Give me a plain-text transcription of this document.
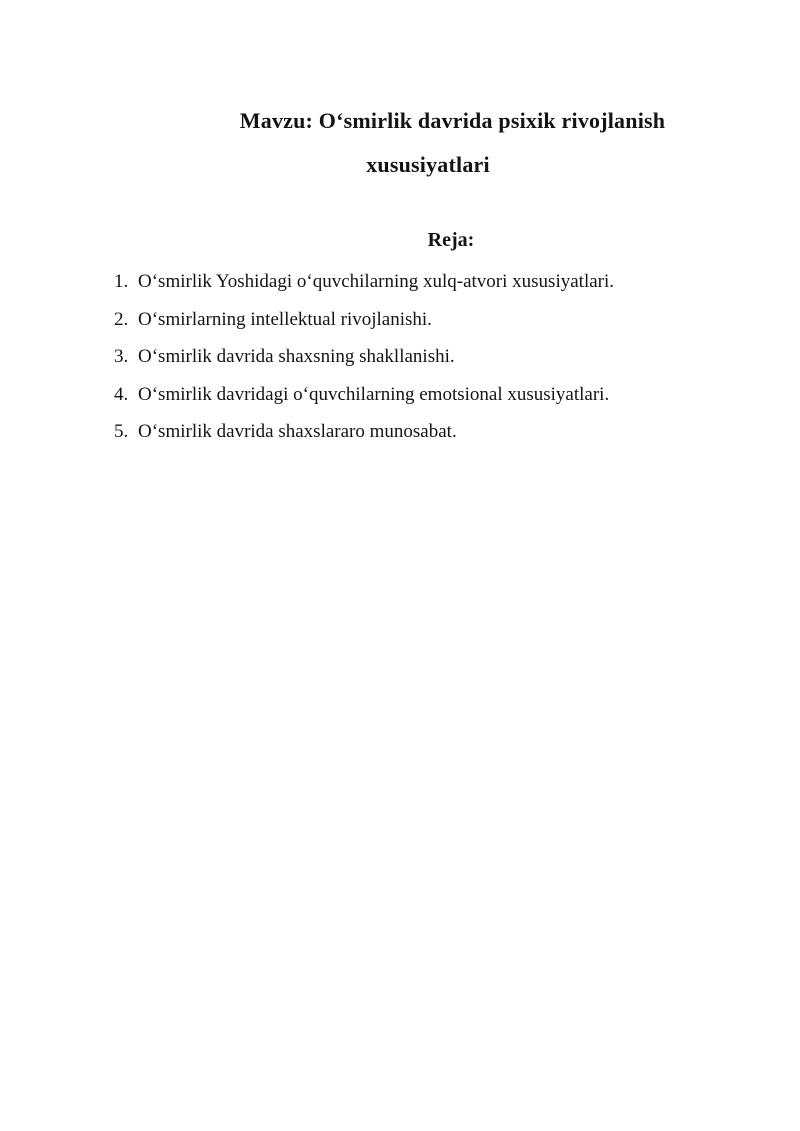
Mavzu: O‘smirlik davrida psixik rivojlanish
xususiyatlari
Reja:
1. O‘smirlik Yoshidagi o‘quvchilarning xulq-atvori xususiyatlari.
2. O‘smirlarning intellektual rivojlanishi.
3. O‘smirlik davrida shaxsning shakllanishi.
4. O‘smirlik davridagi o‘quvchilarning emotsional xususiyatlari.
5. O‘smirlik davrida shaxslararo munosabat.
